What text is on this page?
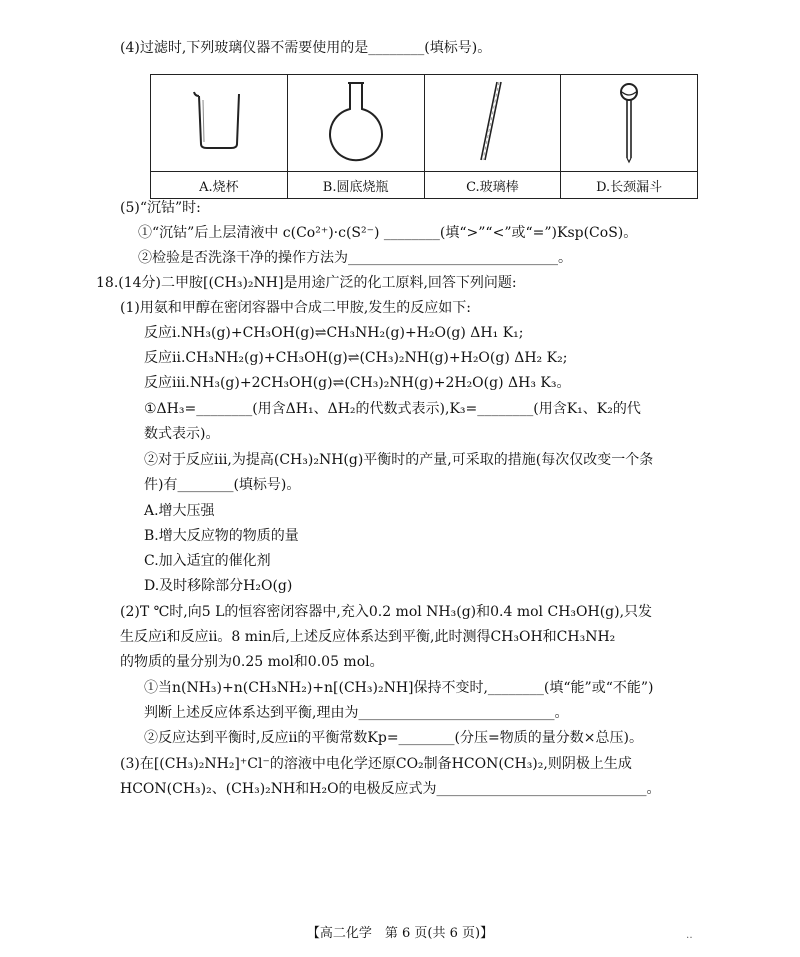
(4)过滤时,下列玻璃仪器不需要使用的是________(填标号)。
(5)“沉钴”时:
①“沉钴”后上层清液中 c(Co²⁺)·c(S²⁻) ________(填“>”“<”或“=”)Ksp(CoS)。
②检验是否洗涤干净的操作方法为______________________________。
18.(14分)二甲胺[(CH₃)₂NH]是用途广泛的化工原料,回答下列问题:
(1)用氨和甲醇在密闭容器中合成二甲胺,发生的反应如下:
反应ⅰ.NH₃(g)+CH₃OH(g)⇌CH₃NH₂(g)+H₂O(g) ΔH₁ K₁;
反应ⅱ.CH₃NH₂(g)+CH₃OH(g)⇌(CH₃)₂NH(g)+H₂O(g) ΔH₂ K₂;
反应ⅲ.NH₃(g)+2CH₃OH(g)⇌(CH₃)₂NH(g)+2H₂O(g) ΔH₃ K₃。
①ΔH₃=________(用含ΔH₁、ΔH₂的代数式表示),K₃=________(用含K₁、K₂的代
数式表示)。
②对于反应ⅲ,为提高(CH₃)₂NH(g)平衡时的产量,可采取的措施(每次仅改变一个条
件)有________(填标号)。
A.增大压强
B.增大反应物的物质的量
C.加入适宜的催化剂
D.及时移除部分H₂O(g)
(2)T ℃时,向5 L的恒容密闭容器中,充入0.2 mol NH₃(g)和0.4 mol CH₃OH(g),只发
生反应ⅰ和反应ⅱ。8 min后,上述反应体系达到平衡,此时测得CH₃OH和CH₃NH₂
的物质的量分别为0.25 mol和0.05 mol。
①当n(NH₃)+n(CH₃NH₂)+n[(CH₃)₂NH]保持不变时,________(填“能”或“不能”)
判断上述反应体系达到平衡,理由为____________________________。
②反应达到平衡时,反应ⅱ的平衡常数Kp=________(分压=物质的量分数×总压)。
(3)在[(CH₃)₂NH₂]⁺Cl⁻的溶液中电化学还原CO₂制备HCON(CH₃)₂,则阴极上生成
HCON(CH₃)₂、(CH₃)₂NH和H₂O的电极反应式为______________________________。

A.烧杯	B.圆底烧瓶	C.玻璃棒	D.长颈漏斗
【高二化学　第 6 页(共 6 页)】	‥
